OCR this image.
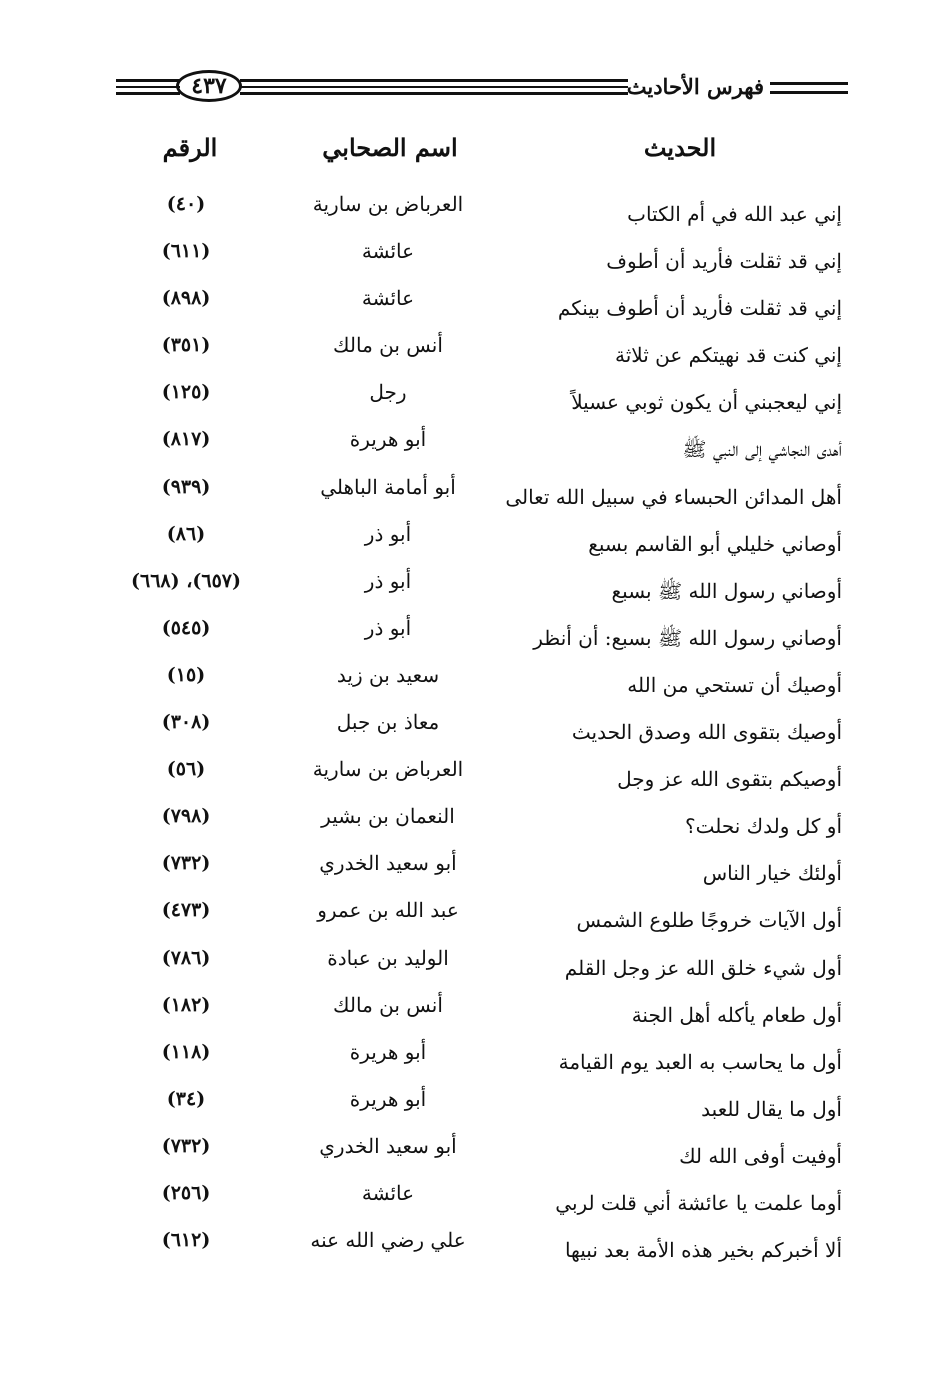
٤٣٧	فهرس الأحاديث
الحديث
اسم الصحابي
الرقم
إني عبد الله في أم الكتاب
العرباض بن سارية
(٤٠)
إني قد ثقلت فأريد أن أطوف
عائشة
(٦١١)
إني قد ثقلت فأريد أن أطوف بينكم
عائشة
(٨٩٨)
إني كنت قد نهيتكم عن ثلاثة
أنس بن مالك
(٣٥١)
إني ليعجبني أن يكون ثوبي عسيلاً
رجل
(١٢٥)
أهدى النجاشي إلى النبي ﷺ
أبو هريرة
(٨١٧)
أهل المدائن الحبساء في سبيل الله تعالى
أبو أمامة الباهلي
(٩٣٩)
أوصاني خليلي أبو القاسم بسبع
أبو ذر
(٨٦)
أوصاني رسول الله ﷺ بسبع
أبو ذر
(٦٥٧)، (٦٦٨)
أوصاني رسول الله ﷺ بسبع: أن أنظر
أبو ذر
(٥٤٥)
أوصيك أن تستحي من الله
سعيد بن زيد
(١٥)
أوصيك بتقوى الله وصدق الحديث
معاذ بن جبل
(٣٠٨)
أوصيكم بتقوى الله عز وجل
العرباض بن سارية
(٥٦)
أو كل ولدك نحلت؟
النعمان بن بشير
(٧٩٨)
أولئك خيار الناس
أبو سعيد الخدري
(٧٣٢)
أول الآيات خروجًا طلوع الشمس
عبد الله بن عمرو
(٤٧٣)
أول شيء خلق الله عز وجل القلم
الوليد بن عبادة
(٧٨٦)
أول طعام يأكله أهل الجنة
أنس بن مالك
(١٨٢)
أول ما يحاسب به العبد يوم القيامة
أبو هريرة
(١١٨)
أول ما يقال للعبد
أبو هريرة
(٣٤)
أوفيت أوفى الله لك
أبو سعيد الخدري
(٧٣٢)
أوما علمت يا عائشة أني قلت لربي
عائشة
(٢٥٦)
ألا أخبركم بخير هذه الأمة بعد نبيها
علي رضي الله عنه
(٦١٢)
